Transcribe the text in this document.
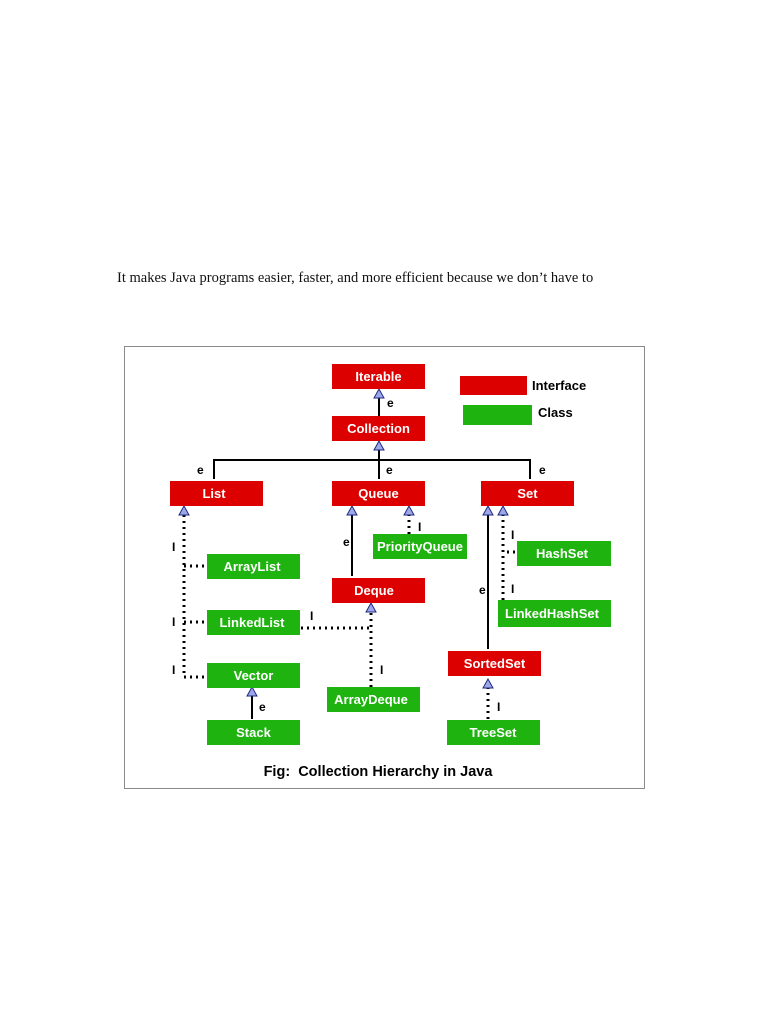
It makes Java programs easier, faster, and more efficient because we don’t have to
e
e	e	e
e
e
e
I
I
I
I
I
I
I
I
I
Iterable
Collection
List	Queue	Set
Deque
SortedSet
ArrayList
LinkedList
Vector
Stack
PriorityQueue
ArrayDeque
HashSet
LinkedHashSet
TreeSet
Interface
Class
Fig:  Collection Hierarchy in Java
